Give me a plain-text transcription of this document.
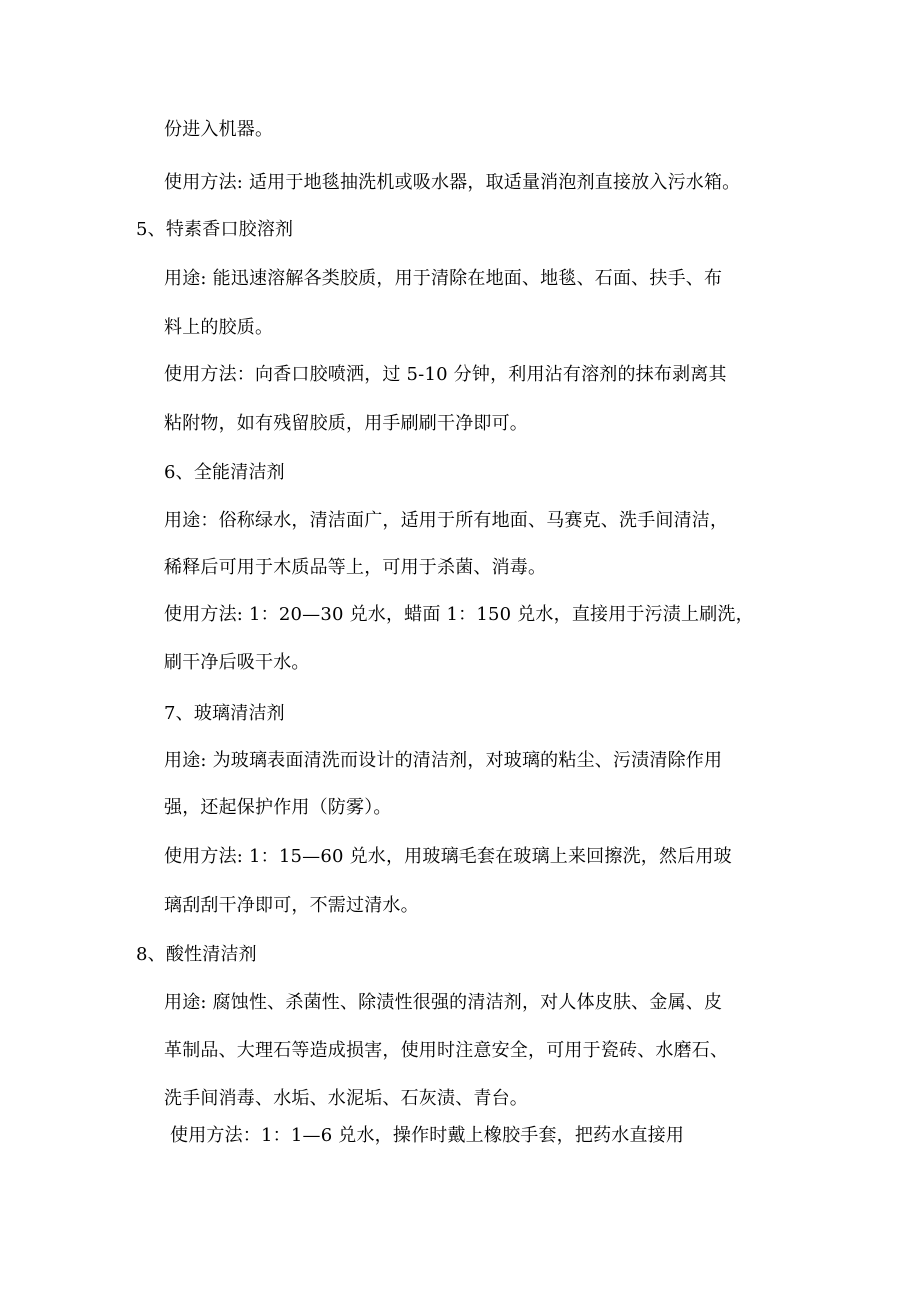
份进入机器。
使用方法: 适用于地毯抽洗机或吸水器，取适量消泡剂直接放入污水箱。
5、特素香口胶溶剂
用途: 能迅速溶解各类胶质，用于清除在地面、地毯、石面、扶手、布
料上的胶质。
使用方法：向香口胶喷洒，过 5-10 分钟，利用沾有溶剂的抹布剥离其
粘附物，如有残留胶质，用手刷刷干净即可。
6、全能清洁剂
用途：俗称绿水，清洁面广，适用于所有地面、马赛克、洗手间清洁，
稀释后可用于木质品等上，可用于杀菌、消毒。
使用方法: 1：20—30 兑水，蜡面 1：150 兑水，直接用于污渍上刷洗，
刷干净后吸干水。
7、玻璃清洁剂
用途: 为玻璃表面清洗而设计的清洁剂，对玻璃的粘尘、污渍清除作用
强，还起保护作用（防雾）。
使用方法: 1：15—60 兑水，用玻璃毛套在玻璃上来回擦洗，然后用玻
璃刮刮干净即可，不需过清水。
8、酸性清洁剂
用途: 腐蚀性、杀菌性、除渍性很强的清洁剂，对人体皮肤、金属、皮
革制品、大理石等造成损害，使用时注意安全，可用于瓷砖、水磨石、
洗手间消毒、水垢、水泥垢、石灰渍、青台。
使用方法：1：1—6 兑水，操作时戴上橡胶手套，把药水直接用
